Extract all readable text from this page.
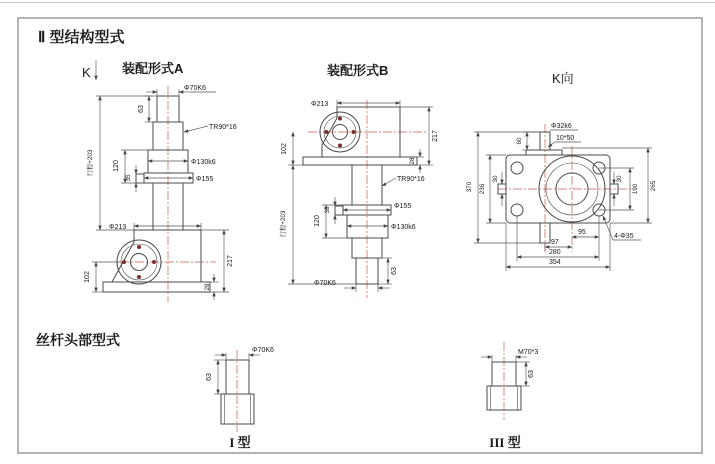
Ⅱ 型结构型式
丝杆头部型式
装配形式A	装配形式B
K向
K
Φ70K6
63
TR90*16
行程+203	120
35
Φ130k6
Φ155
Φ213
102
217
28
Φ213
217
102
28
TR90*16
Φ155
35
120
Φ130k6
行程+203
63
Φ70K6
Φ32k6
10*50
60
370 236
30	30
190 265
95
97
280
354
4-Φ35
Φ70K6
63
I 型
M70*3
63
III 型
